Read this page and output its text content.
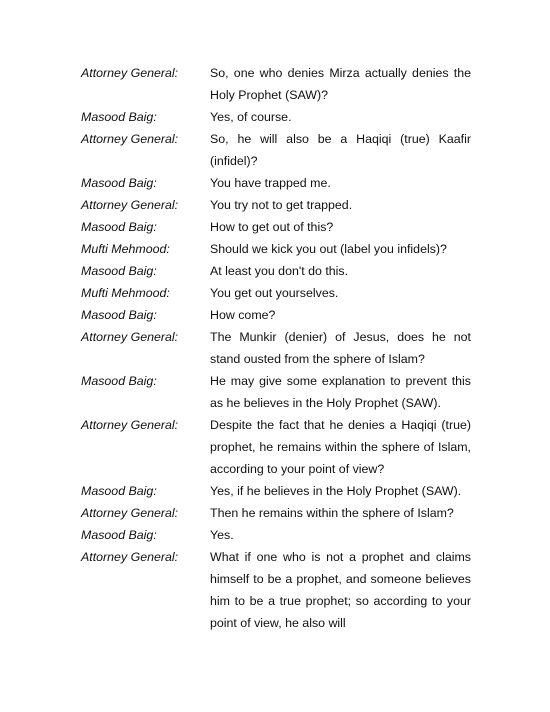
Attorney General:	So, one who denies Mirza actually denies the Holy Prophet (SAW)?
Masood Baig:	Yes, of course.
Attorney General:	So, he will also be a Haqiqi (true) Kaafir (infidel)?
Masood Baig:	You have trapped me.
Attorney General:	You try not to get trapped.
Masood Baig:	How to get out of this?
Mufti Mehmood:	Should we kick you out (label you infidels)?
Masood Baig:	At least you don't do this.
Mufti Mehmood:	You get out yourselves.
Masood Baig:	How come?
Attorney General:	The Munkir (denier) of Jesus, does he not stand ousted from the sphere of Islam?
Masood Baig:	He may give some explanation to prevent this as he believes in the Holy Prophet (SAW).
Attorney General:	Despite the fact that he denies a Haqiqi (true) prophet, he remains within the sphere of Islam, according to your point of view?
Masood Baig:	Yes, if he believes in the Holy Prophet (SAW).
Attorney General:	Then he remains within the sphere of Islam?
Masood Baig:	Yes.
Attorney General:	What if one who is not a prophet and claims himself to be a prophet, and someone believes him to be a true prophet; so according to your point of view, he also will
